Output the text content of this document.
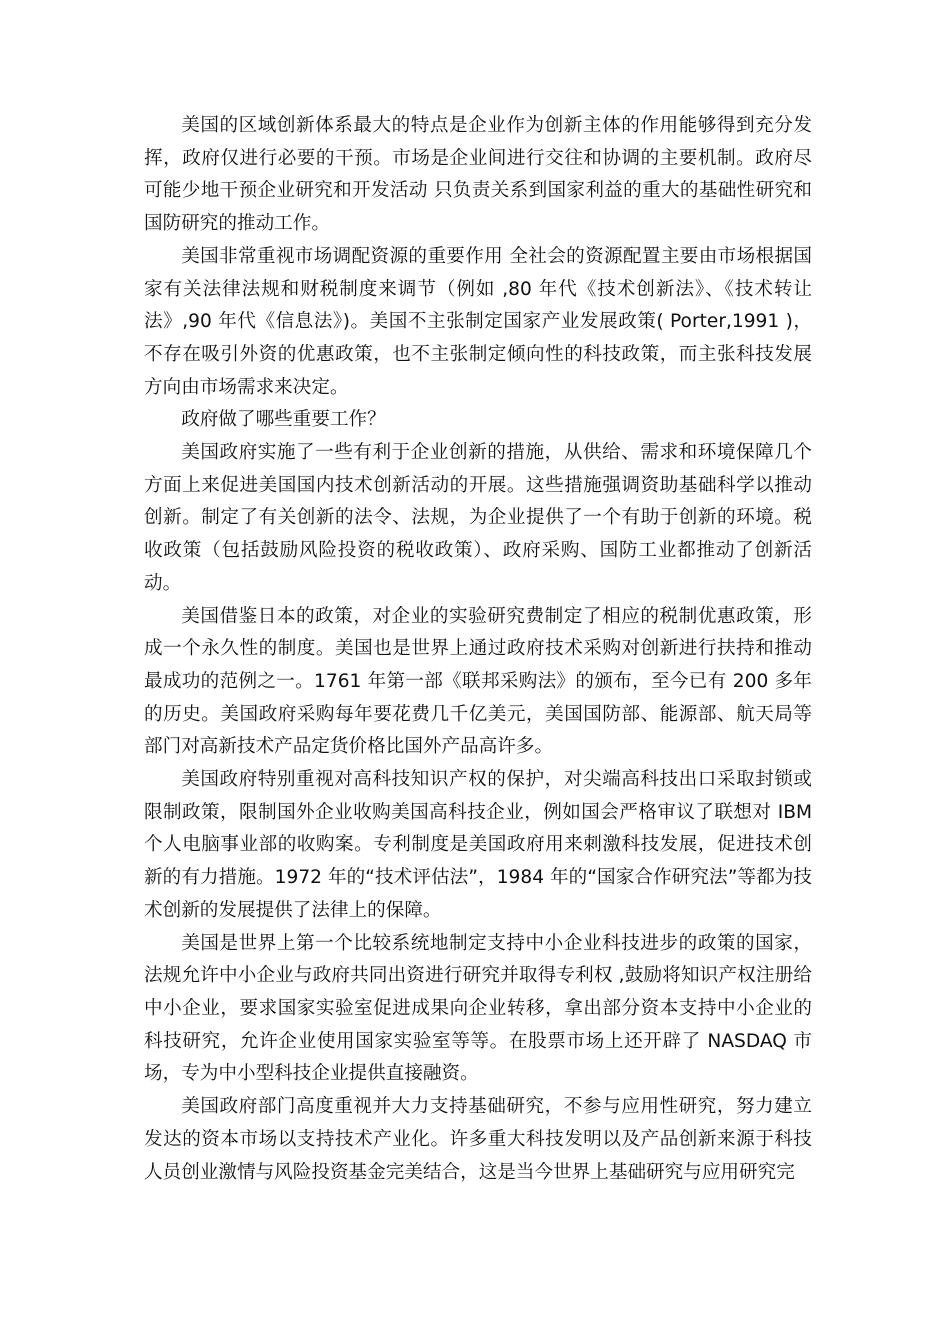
美国的区域创新体系最大的特点是企业作为创新主体的作用能够得到充分发挥，政府仅进行必要的干预。市场是企业间进行交往和协调的主要机制。政府尽可能少地干预企业研究和开发活动 只负责关系到国家利益的重大的基础性研究和国防研究的推动工作。

美国非常重视市场调配资源的重要作用 全社会的资源配置主要由市场根据国家有关法律法规和财税制度来调节（例如 ,80 年代《技术创新法》、《技术转让法》,90 年代《信息法》)。美国不主张制定国家产业发展政策( Porter,1991 )，不存在吸引外资的优惠政策，也不主张制定倾向性的科技政策，而主张科技发展方向由市场需求来决定。

政府做了哪些重要工作？

美国政府实施了一些有利于企业创新的措施，从供给、需求和环境保障几个方面上来促进美国国内技术创新活动的开展。这些措施强调资助基础科学以推动创新。制定了有关创新的法令、法规，为企业提供了一个有助于创新的环境。税收政策（包括鼓励风险投资的税收政策）、政府采购、国防工业都推动了创新活动。

美国借鉴日本的政策，对企业的实验研究费制定了相应的税制优惠政策，形成一个永久性的制度。美国也是世界上通过政府技术采购对创新进行扶持和推动最成功的范例之一。1761 年第一部《联邦采购法》的颁布，至今已有 200 多年的历史。美国政府采购每年要花费几千亿美元，美国国防部、能源部、航天局等部门对高新技术产品定货价格比国外产品高许多。

美国政府特别重视对高科技知识产权的保护，对尖端高科技出口采取封锁或限制政策，限制国外企业收购美国高科技企业，例如国会严格审议了联想对 IBM 个人电脑事业部的收购案。专利制度是美国政府用来刺激科技发展，促进技术创新的有力措施。1972 年的“技术评估法”，1984 年的“国家合作研究法”等都为技术创新的发展提供了法律上的保障。

美国是世界上第一个比较系统地制定支持中小企业科技进步的政策的国家，法规允许中小企业与政府共同出资进行研究并取得专利权 ,鼓励将知识产权注册给中小企业，要求国家实验室促进成果向企业转移，拿出部分资本支持中小企业的科技研究，允许企业使用国家实验室等等。在股票市场上还开辟了 NASDAQ 市场，专为中小型科技企业提供直接融资。

美国政府部门高度重视并大力支持基础研究，不参与应用性研究，努力建立发达的资本市场以支持技术产业化。许多重大科技发明以及产品创新来源于科技人员创业激情与风险投资基金完美结合，这是当今世界上基础研究与应用研究完
